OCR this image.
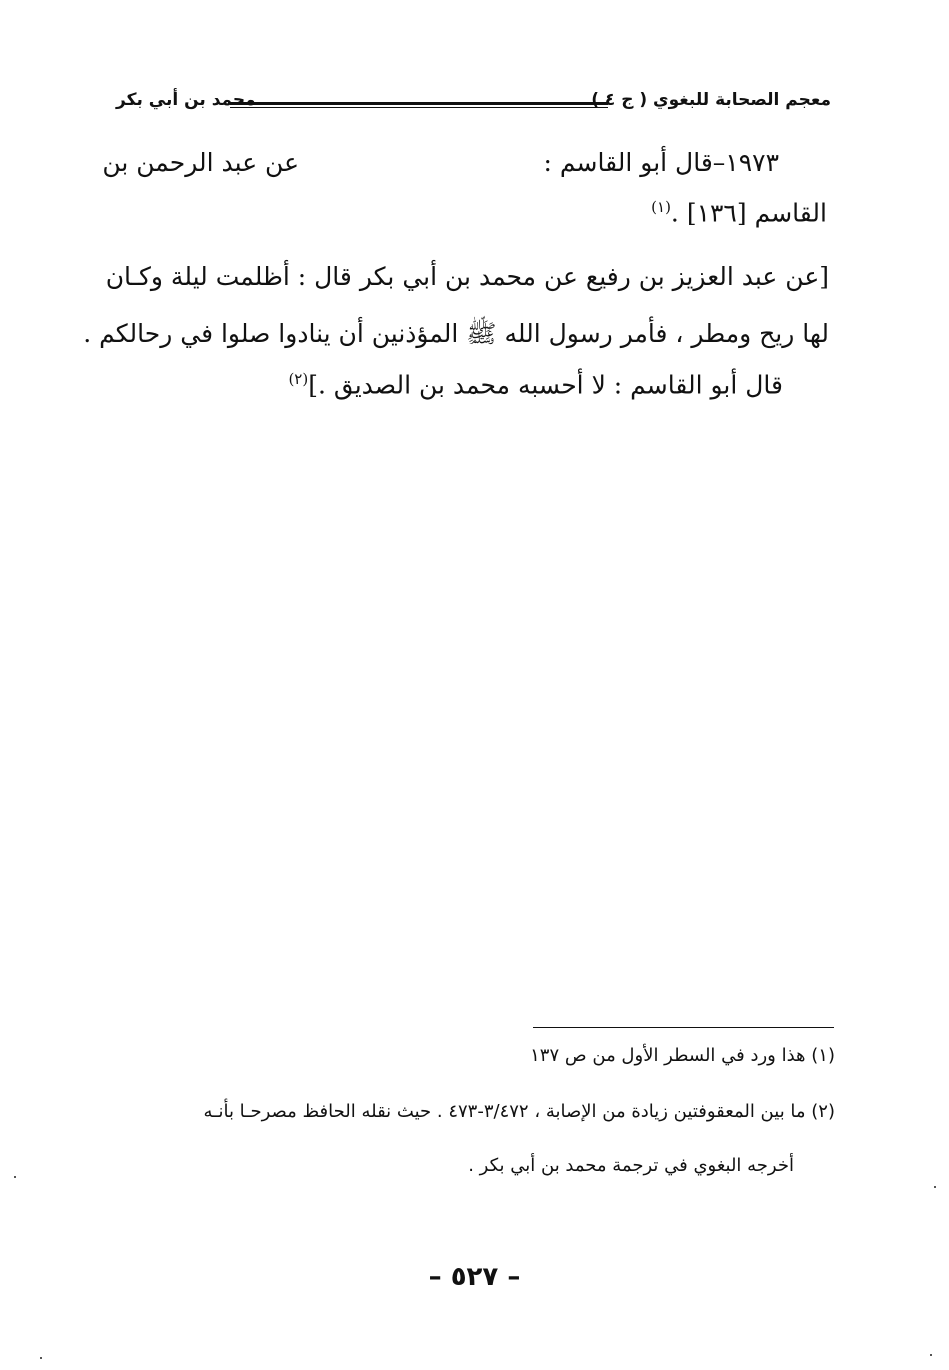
معجم الصحابة للبغوي ( ج ٤ )
محمد بن أبي بكر
١٩٧٣–قال أبو القاسم :
عن عبد الرحمن بن
القاسم [١٣٦] .$^{(١)}$
[عن عبد العزيز بن رفيع عن محمد بن أبي بكر قال : أظلمت ليلة وكـان
لها ريح ومطر ، فأمر رسول الله ﷺ المؤذنين أن ينادوا صلوا في رحالكم .
قال أبو القاسم : لا أحسبه محمد بن الصديق .]$^{(٢)}$
(١) هذا ورد في السطر الأول من ص ١٣٧
(٢) ما بين المعقوفتين زيادة من الإصابة ، ٣/٤٧٢-٤٧٣ . حيث نقله الحافظ مصرحـا بأنـه
أخرجه البغوي في ترجمة محمد بن أبي بكر .
– ٥٢٧ –
